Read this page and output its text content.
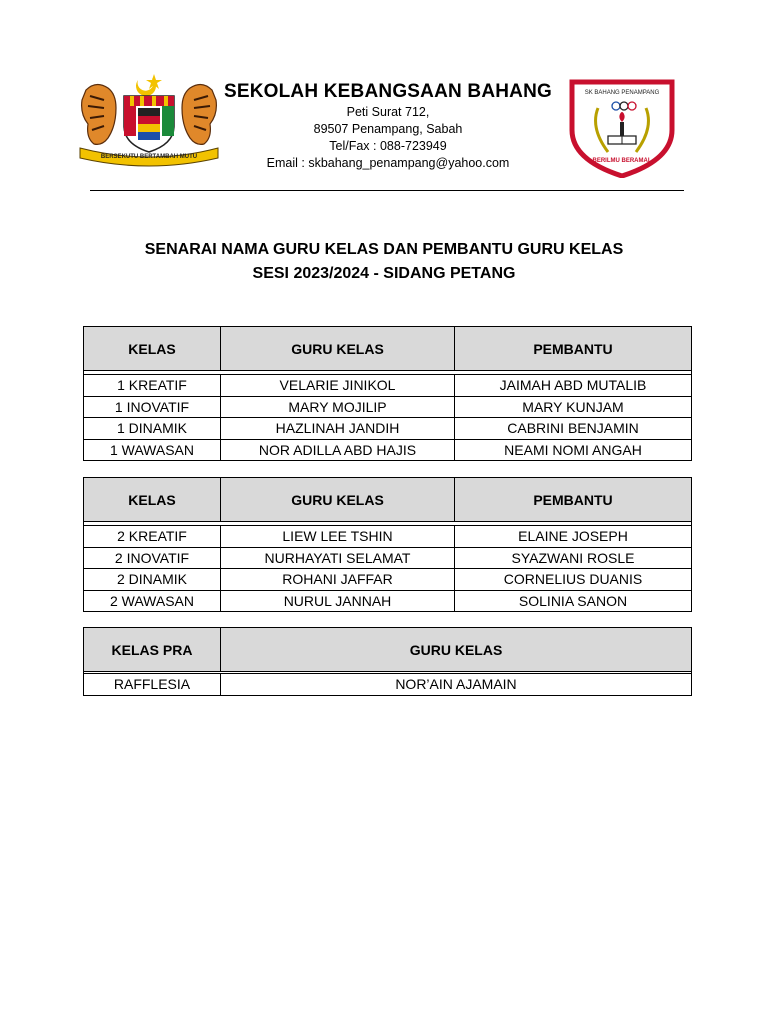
BERSEKUTU BERTAMBAH MUTU
SEKOLAH KEBANGSAAN BAHANG
Peti Surat 712,
89507 Penampang, Sabah
Tel/Fax : 088-723949
Email : skbahang_penampang@yahoo.com
SK BAHANG PENAMPANG
BERILMU BERAMAL
SENARAI NAMA GURU KELAS DAN PEMBANTU GURU KELAS
SESI 2023/2024 - SIDANG PETANG
KELAS	GURU KELAS	PEMBANTU

1 KREATIF	VELARIE JINIKOL	JAIMAH ABD MUTALIB
1 INOVATIF	MARY MOJILIP	MARY KUNJAM
1 DINAMIK	HAZLINAH JANDIH	CABRINI BENJAMIN
1 WAWASAN	NOR ADILLA ABD HAJIS	NEAMI NOMI ANGAH
KELAS	GURU KELAS	PEMBANTU

2 KREATIF	LIEW LEE TSHIN	ELAINE JOSEPH
2 INOVATIF	NURHAYATI SELAMAT	SYAZWANI ROSLE
2 DINAMIK	ROHANI JAFFAR	CORNELIUS DUANIS
2 WAWASAN	NURUL JANNAH	SOLINIA SANON
KELAS PRA	GURU KELAS

RAFFLESIA	NOR’AIN AJAMAIN
